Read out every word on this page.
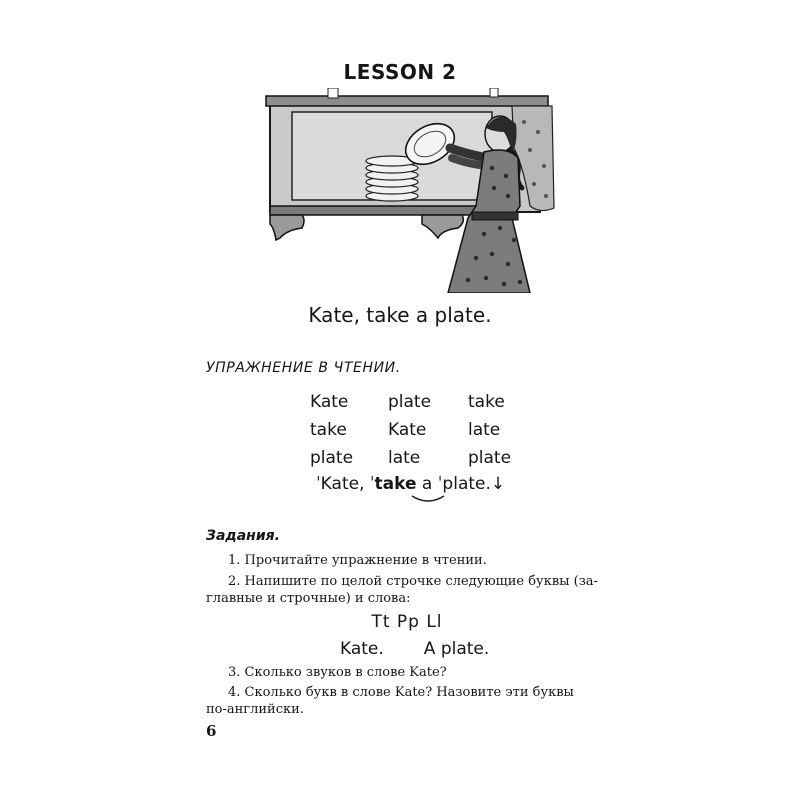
LESSON 2
Kate, take a plate.
УПРАЖНЕНИЕ В ЧТЕНИИ.
Kate	plate	take
take	Kate	late
plate	late	plate
ˈKate, ˈtake a ˈplate.↓
Задания.
1. Прочитайте упражнение в чтении.
2. Напишите по целой строчке следующие буквы (за-
главные и строчные) и слова:
Tt Pp Ll
Kate. A plate.
3. Сколько звуков в слове Kate?
4. Сколько букв в слове Kate? Назовите эти буквы
по-английски.
6
